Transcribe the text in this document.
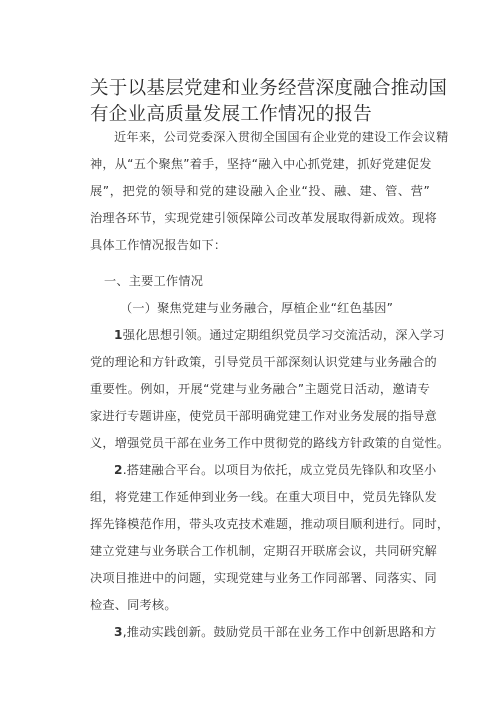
关于以基层党建和业务经营深度融合推动国
有企业高质量发展工作情况的报告
近年来，公司党委深入贯彻全国国有企业党的建设工作会议精
神，从“五个聚焦”着手，坚持“融入中心抓党建，抓好党建促发
展”，把党的领导和党的建设融入企业“投、融、建、管、营”
治理各环节，实现党建引领保障公司改革发展取得新成效。现将
具体工作情况报告如下：
一、主要工作情况
（一）聚焦党建与业务融合，厚植企业“红色基因”
1强化思想引领。通过定期组织党员学习交流活动，深入学习
党的理论和方针政策，引导党员干部深刻认识党建与业务融合的
重要性。例如，开展“党建与业务融合”主题党日活动，邀请专
家进行专题讲座，使党员干部明确党建工作对业务发展的指导意
义，增强党员干部在业务工作中贯彻党的路线方针政策的自觉性。
2.搭建融合平台。以项目为依托，成立党员先锋队和攻坚小
组，将党建工作延伸到业务一线。在重大项目中，党员先锋队发
挥先锋模范作用，带头攻克技术难题，推动项目顺利进行。同时，
建立党建与业务联合工作机制，定期召开联席会议，共同研究解
决项目推进中的问题，实现党建与业务工作同部署、同落实、同
检查、同考核。
3,推动实践创新。鼓励党员干部在业务工作中创新思路和方
